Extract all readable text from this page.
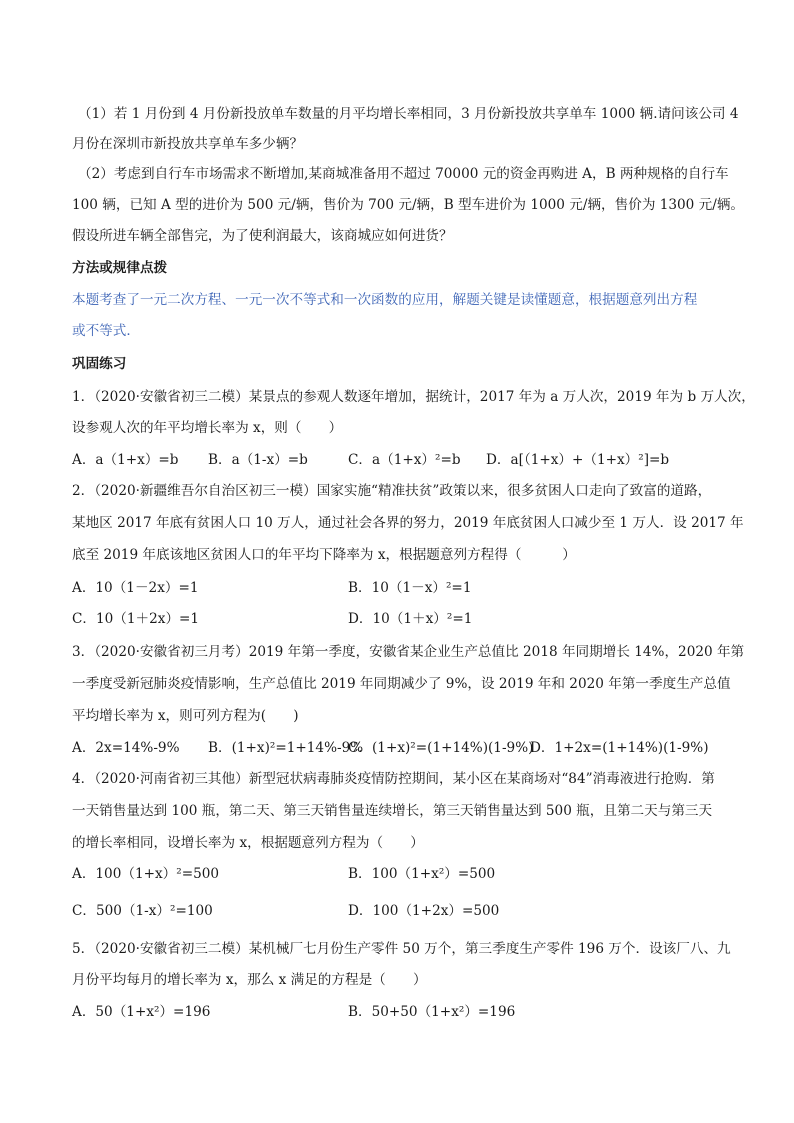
（1）若 1 月份到 4 月份新投放单车数量的月平均增长率相同，3 月份新投放共享单车 1000 辆.请问该公司 4
月份在深圳市新投放共享单车多少辆？
（2）考虑到自行车市场需求不断增加,某商城准备用不超过 70000 元的资金再购进 A，B 两种规格的自行车
100 辆，已知 A 型的进价为 500 元/辆，售价为 700 元/辆，B 型车进价为 1000 元/辆，售价为 1300 元/辆。
假设所进车辆全部售完，为了使利润最大，该商城应如何进货？
方法或规律点拨
本题考查了一元二次方程、一元一次不等式和一次函数的应用，解题关键是读懂题意，根据题意列出方程
或不等式．
巩固练习
1．（2020·安徽省初三二模）某景点的参观人数逐年增加，据统计，2017 年为 a 万人次，2019 年为 b 万人次，
设参观人次的年平均增长率为 x，则（　　）
A．a（1+x）=b B．a（1-x）=b	C．a（1+x）²=b D．a[（1+x）+（1+x）²]=b
2．（2020·新疆维吾尔自治区初三一模）国家实施“精准扶贫”政策以来，很多贫困人口走向了致富的道路，
某地区 2017 年底有贫困人口 10 万人，通过社会各界的努力，2019 年底贫困人口减少至 1 万人．设 2017 年
底至 2019 年底该地区贫困人口的年平均下降率为 x，根据题意列方程得（　　　）
A．10（1－2x）=1	B．10（1－x）²=1
C．10（1＋2x）=1	D．10（1＋x）²=1
3．（2020·安徽省初三月考）2019 年第一季度，安徽省某企业生产总值比 2018 年同期增长 14%，2020 年第
一季度受新冠肺炎疫情影响，生产总值比 2019 年同期减少了 9%，设 2019 年和 2020 年第一季度生产总值
平均增长率为 x，则可列方程为(　　)
A．2x=14%-9% B．(1+x)²=1+14%-9%
C．(1+x)²=(1+14%)(1-9%)
D．1+2x=(1+14%)(1-9%)
4．（2020·河南省初三其他）新型冠状病毒肺炎疫情防控期间，某小区在某商场对“84”消毒液进行抢购．第
一天销售量达到 100 瓶，第二天、第三天销售量连续增长，第三天销售量达到 500 瓶，且第二天与第三天
的增长率相同，设增长率为 x，根据题意列方程为（　　）
A．100（1+x）²=500	B．100（1+x²）=500
C．500（1-x）²=100	D．100（1+2x）=500
5．（2020·安徽省初三二模）某机械厂七月份生产零件 50 万个，第三季度生产零件 196 万个．设该厂八、九
月份平均每月的增长率为 x，那么 x 满足的方程是（　　）
A．50（1+x²）=196	B．50+50（1+x²）=196
